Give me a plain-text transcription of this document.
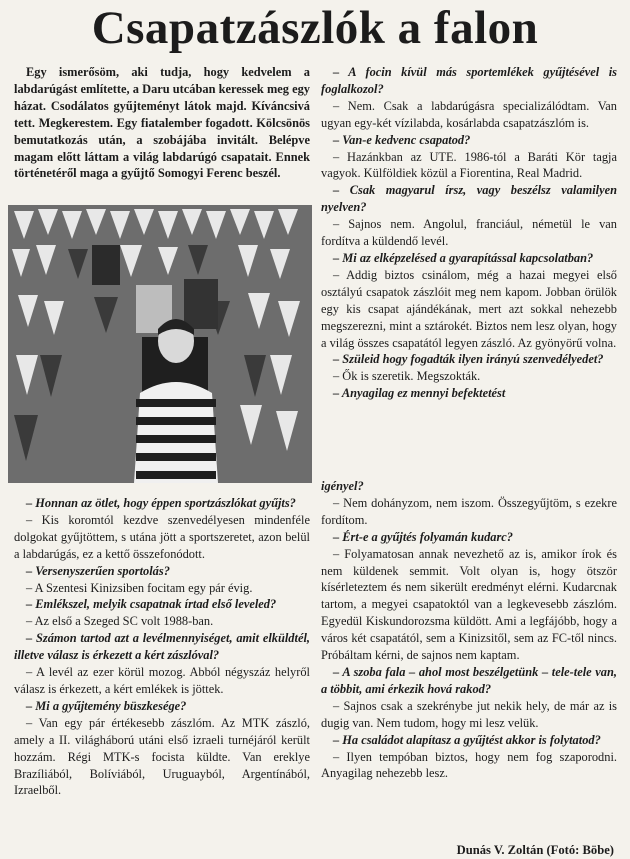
Csapatzászlók a falon

Egy ismerősöm, aki tudja, hogy kedvelem a labdarúgást említette, a Daru utcában keressek meg egy házat. Csodálatos gyűjteményt látok majd. Kíváncsivá tett. Megkerestem. Egy fiatalember fogadott. Kölcsönös bemutatkozás után, a szobájába invitált. Belépve magam előtt láttam a világ labdarúgó csapatait. Ennek történetéről maga a gyűjtő Somogyi Ferenc beszél.

– A focin kívül más sportemlékek gyűjtésével is foglalkozol?

– Nem. Csak a labdarúgásra specializálódtam. Van ugyan egy-két vízilabda, kosárlabda csapatzászlóm is.

– Van-e kedvenc csapatod?

– Hazánkban az UTE. 1986-tól a Baráti Kör tagja vagyok. Külföldiek közül a Fiorentina, Real Madrid.

– Csak magyarul írsz, vagy beszélsz valamilyen nyelven?

– Sajnos nem. Angolul, franciául, németül le van fordítva a küldendő levél.

– Mi az elképzelésed a gyarapítással kapcsolatban?

– Addig biztos csinálom, még a hazai megyei első osztályú csapatok zászlóit meg nem kapom. Jobban örülök egy kis csapat ajándékának, mert azt sokkal nehezebb megszerezni, mint a sztárokét. Biztos nem lesz olyan, hogy a világ összes csapatától legyen zászló. Az gyönyörű volna.

– Szüleid hogy fogadták ilyen irányú szenvedélyedet?

– Ők is szeretik. Megszokták.

– Anyagilag ez mennyi befektetést

– Honnan az ötlet, hogy éppen sportzászlókat gyűjts?

– Kis koromtól kezdve szenvedélyesen mindenféle dolgokat gyűjtöttem, s utána jött a sportszeretet, azon belül a labdarúgás, ez a kettő összefonódott.

– Versenyszerűen sportolás?

– A Szentesi Kinizsiben focitam egy pár évig.

– Emlékszel, melyik csapatnak írtad első leveled?

– Az első a Szeged SC volt 1988-ban.

– Számon tartod azt a levélmennyiséget, amit elküldtél, illetve válasz is érkezett a kért zászlóval?

– A levél az ezer körül mozog. Abból négyszáz helyről válasz is érkezett, a kért emlékek is jöttek.

– Mi a gyűjtemény büszkesége?

– Van egy pár értékesebb zászlóm. Az MTK zászló, amely a II. világháború utáni első izraeli turnéjáról került hozzám. Régi MTK-s focista küldte. Van ereklye Brazíliából, Bolíviából, Uruguayból, Argentínából, Izraelből.

igényel?

– Nem dohányzom, nem iszom. Összegyűjtöm, s ezekre fordítom.

– Ért-e a gyűjtés folyamán kudarc?

– Folyamatosan annak nevezhető az is, amikor írok és nem küldenek semmit. Volt olyan is, hogy ötször kísérleteztem és nem sikerült eredményt elérni. Kudarcnak tartom, a megyei csapatoktól van a legkevesebb zászlóm. Egyedül Kiskundorozsma küldött. Ami a legfájóbb, hogy a város két csapatától, sem a Kinizsitől, sem az FC-től nincs. Próbáltam kérni, de sajnos nem kaptam.

– A szoba fala – ahol most beszélgetünk – tele-tele van, a többit, ami érkezik hová rakod?

– Sajnos csak a szekrénybe jut nekik hely, de már az is dugig van. Nem tudom, hogy mi lesz velük.

– Ha családot alapítasz a gyűjtést akkor is folytatod?

– Ilyen tempóban biztos, hogy nem fog szaporodni. Anyagilag nehezebb lesz.

Dunás V. Zoltán (Fotó: Böbe)
